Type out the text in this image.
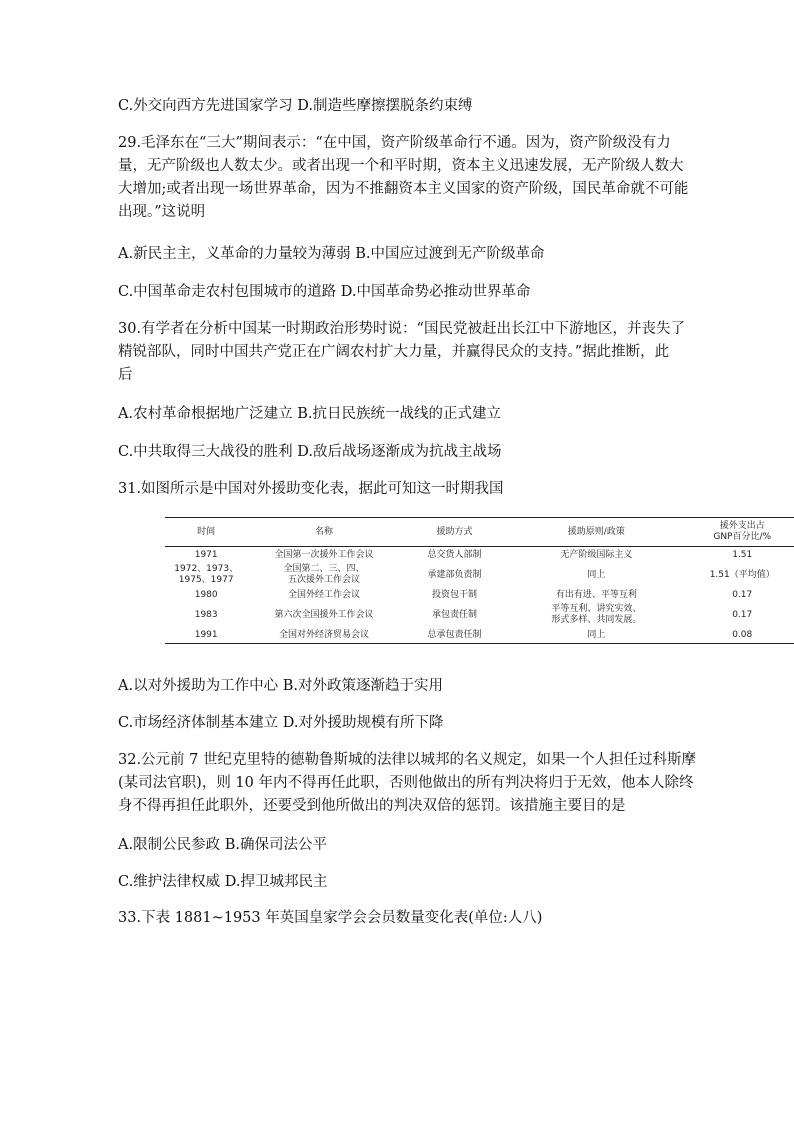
C.外交向西方先进国家学习 D.制造些摩擦摆脱条约束缚
29.毛泽东在“三大”期间表示：“在中国，资产阶级革命行不通。因为，资产阶级没有力
量，无产阶级也人数太少。或者出现一个和平时期，资本主义迅速发展，无产阶级人数大
大增加;或者出现一场世界革命，因为不推翻资本主义国家的资产阶级，国民革命就不可能
出现。”这说明
A.新民主主，义革命的力量较为薄弱 B.中国应过渡到无产阶级革命
C.中国革命走农村包围城市的道路 D.中国革命势必推动世界革命
30.有学者在分析中国某一时期政治形势时说：“国民党被赶出长江中下游地区，并丧失了
精锐部队，同时中国共产党正在广阔农村扩大力量，并赢得民众的支持。”据此推断，此
后
A.农村革命根据地广泛建立 B.抗日民族统一战线的正式建立
C.中共取得三大战役的胜利 D.敌后战场逐渐成为抗战主战场
31.如图所示是中国对外援助变化表，据此可知这一时期我国
时间	名称	援助方式	援助原则/政策	援外支出占
GNP百分比/%
1971	全国第一次援外工作会议	总交货人部制	无产阶级国际主义	1.51
1972、1973、
1975、1977	全国第二、三、四、
五次援外工作会议	承建部负责制	同上	1.51（平均值）
1980	全国外经工作会议	投资包干制	有出有进、平等互利	0.17
1983	第六次全国援外工作会议	承包责任制	平等互利、讲究实效、
形式多样、共同发展。	0.17
1991	全国对外经济贸易会议	总承包责任制	同上	0.08
A.以对外援助为工作中心 B.对外政策逐渐趋于实用
C.市场经济体制基本建立 D.对外援助规模有所下降
32.公元前 7 世纪克里特的德勒鲁斯城的法律以城邦的名义规定，如果一个人担任过科斯摩
(某司法官职)，则 10 年内不得再任此职，否则他做出的所有判决将归于无效，他本人除终
身不得再担任此职外，还要受到他所做出的判决双倍的惩罚。该措施主要目的是
A.限制公民参政 B.确保司法公平
C.维护法律权威 D.捍卫城邦民主
33.下表 1881~1953 年英国皇家学会会员数量变化表(单位:人八)
